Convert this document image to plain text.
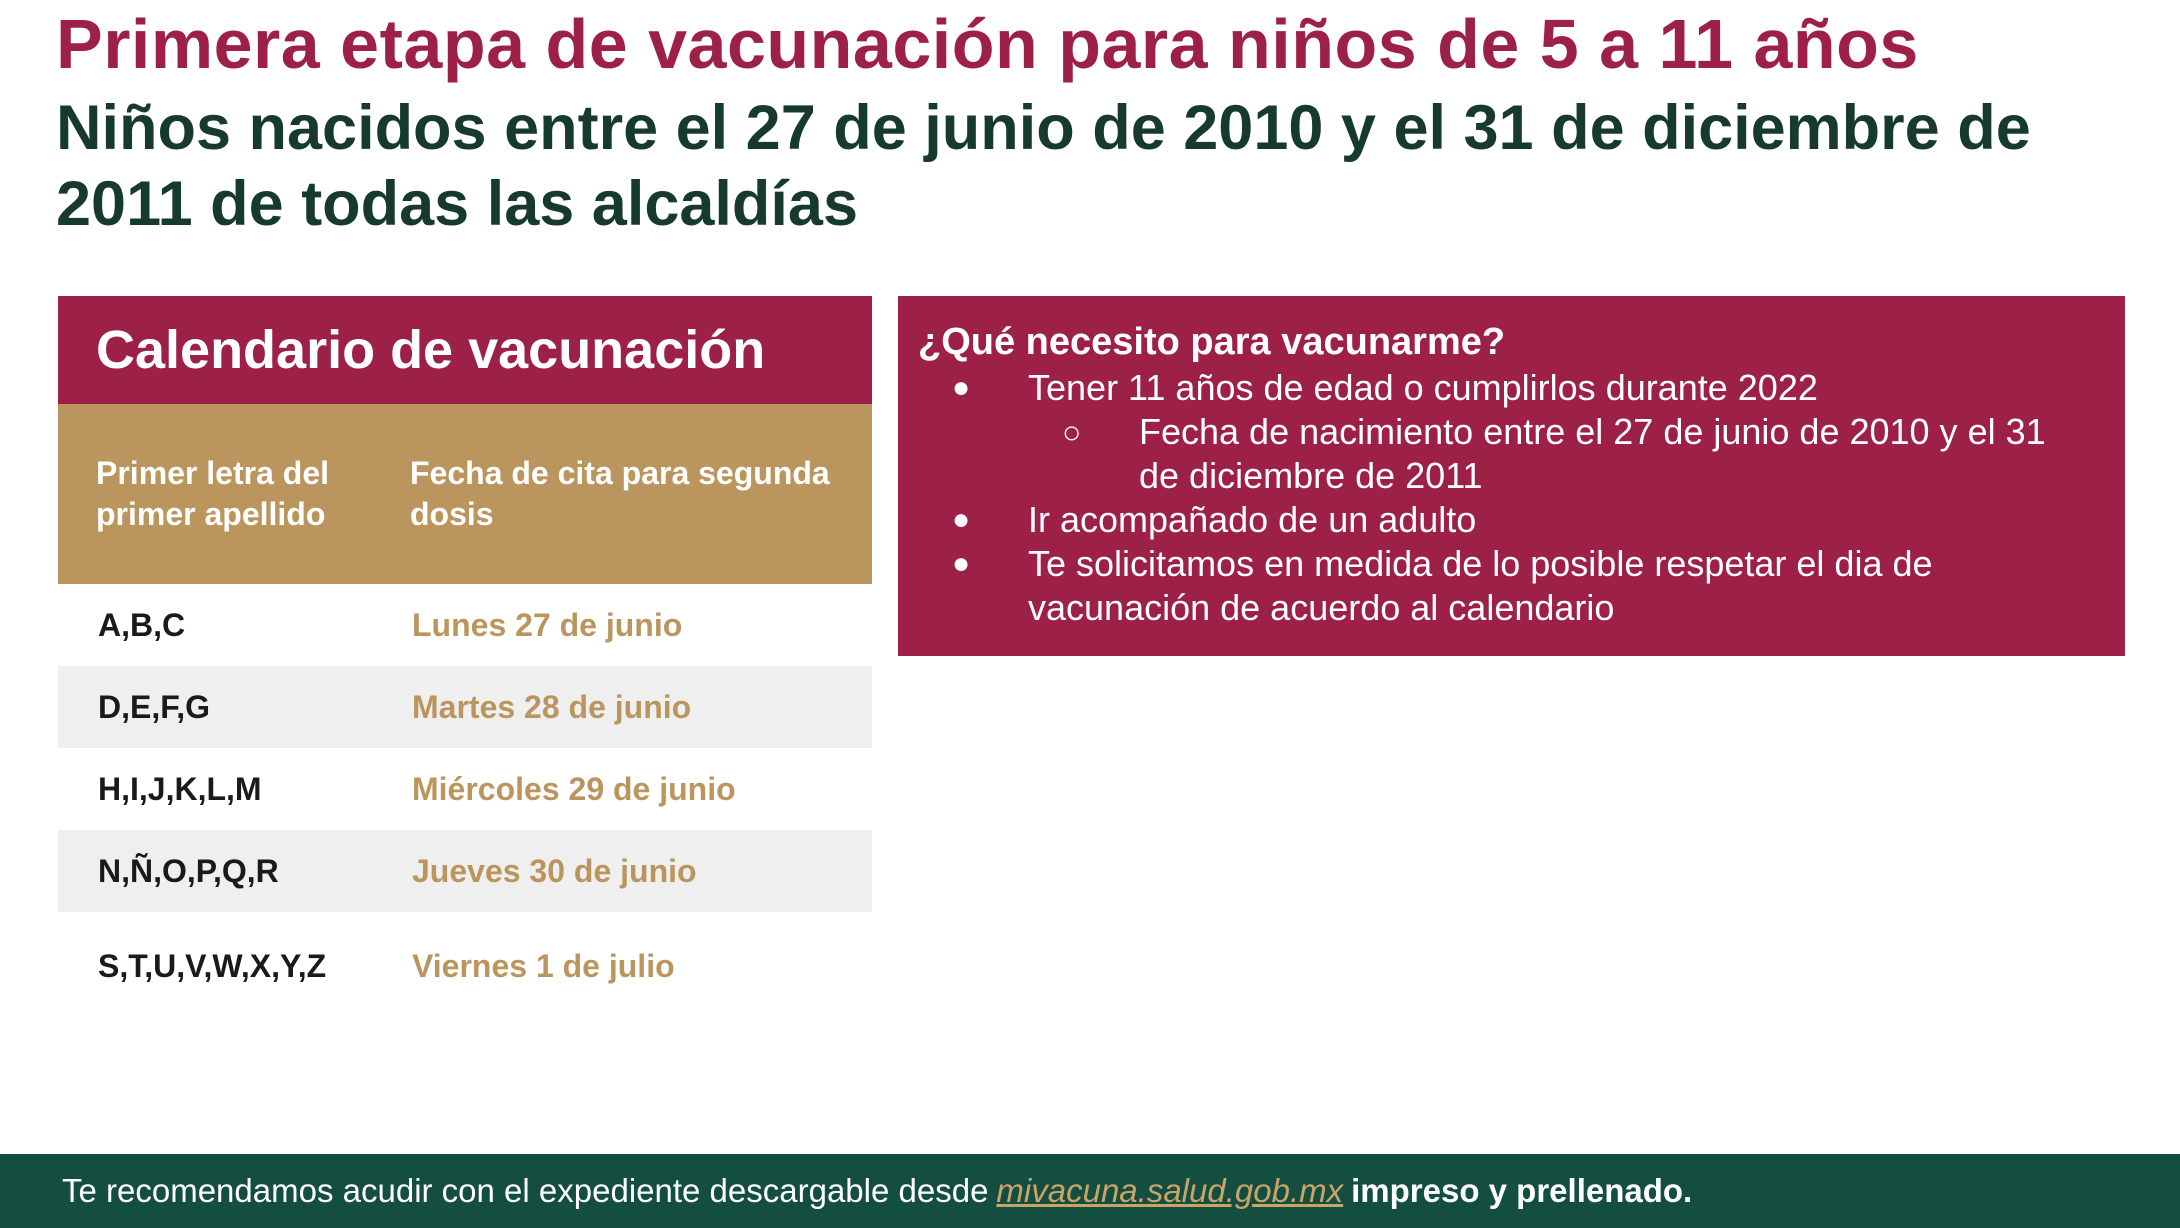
Primera etapa de vacunación para niños de 5 a 11 años
Niños nacidos entre el 27 de junio de 2010 y el 31 de diciembre de 2011 de todas las alcaldías
Calendario de vacunación
Primer letra del primer apellido
Fecha de cita para segunda dosis
A,B,C	Lunes 27 de junio
D,E,F,G	Martes 28 de junio
H,I,J,K,L,M	Miércoles 29 de junio
N,Ñ,O,P,Q,R	Jueves 30 de junio
S,T,U,V,W,X,Y,Z	Viernes 1 de julio
¿Qué necesito para vacunarme?
● Tener 11 años de edad o cumplirlos durante 2022
○ Fecha de nacimiento entre el 27 de junio de 2010 y el 31 de diciembre de 2011
● Ir acompañado de un adulto
● Te solicitamos en medida de lo posible respetar el dia de vacunación de acuerdo al calendario
Te recomendamos acudir con el expediente descargable desde mivacuna.salud.gob.mx impreso y prellenado.
